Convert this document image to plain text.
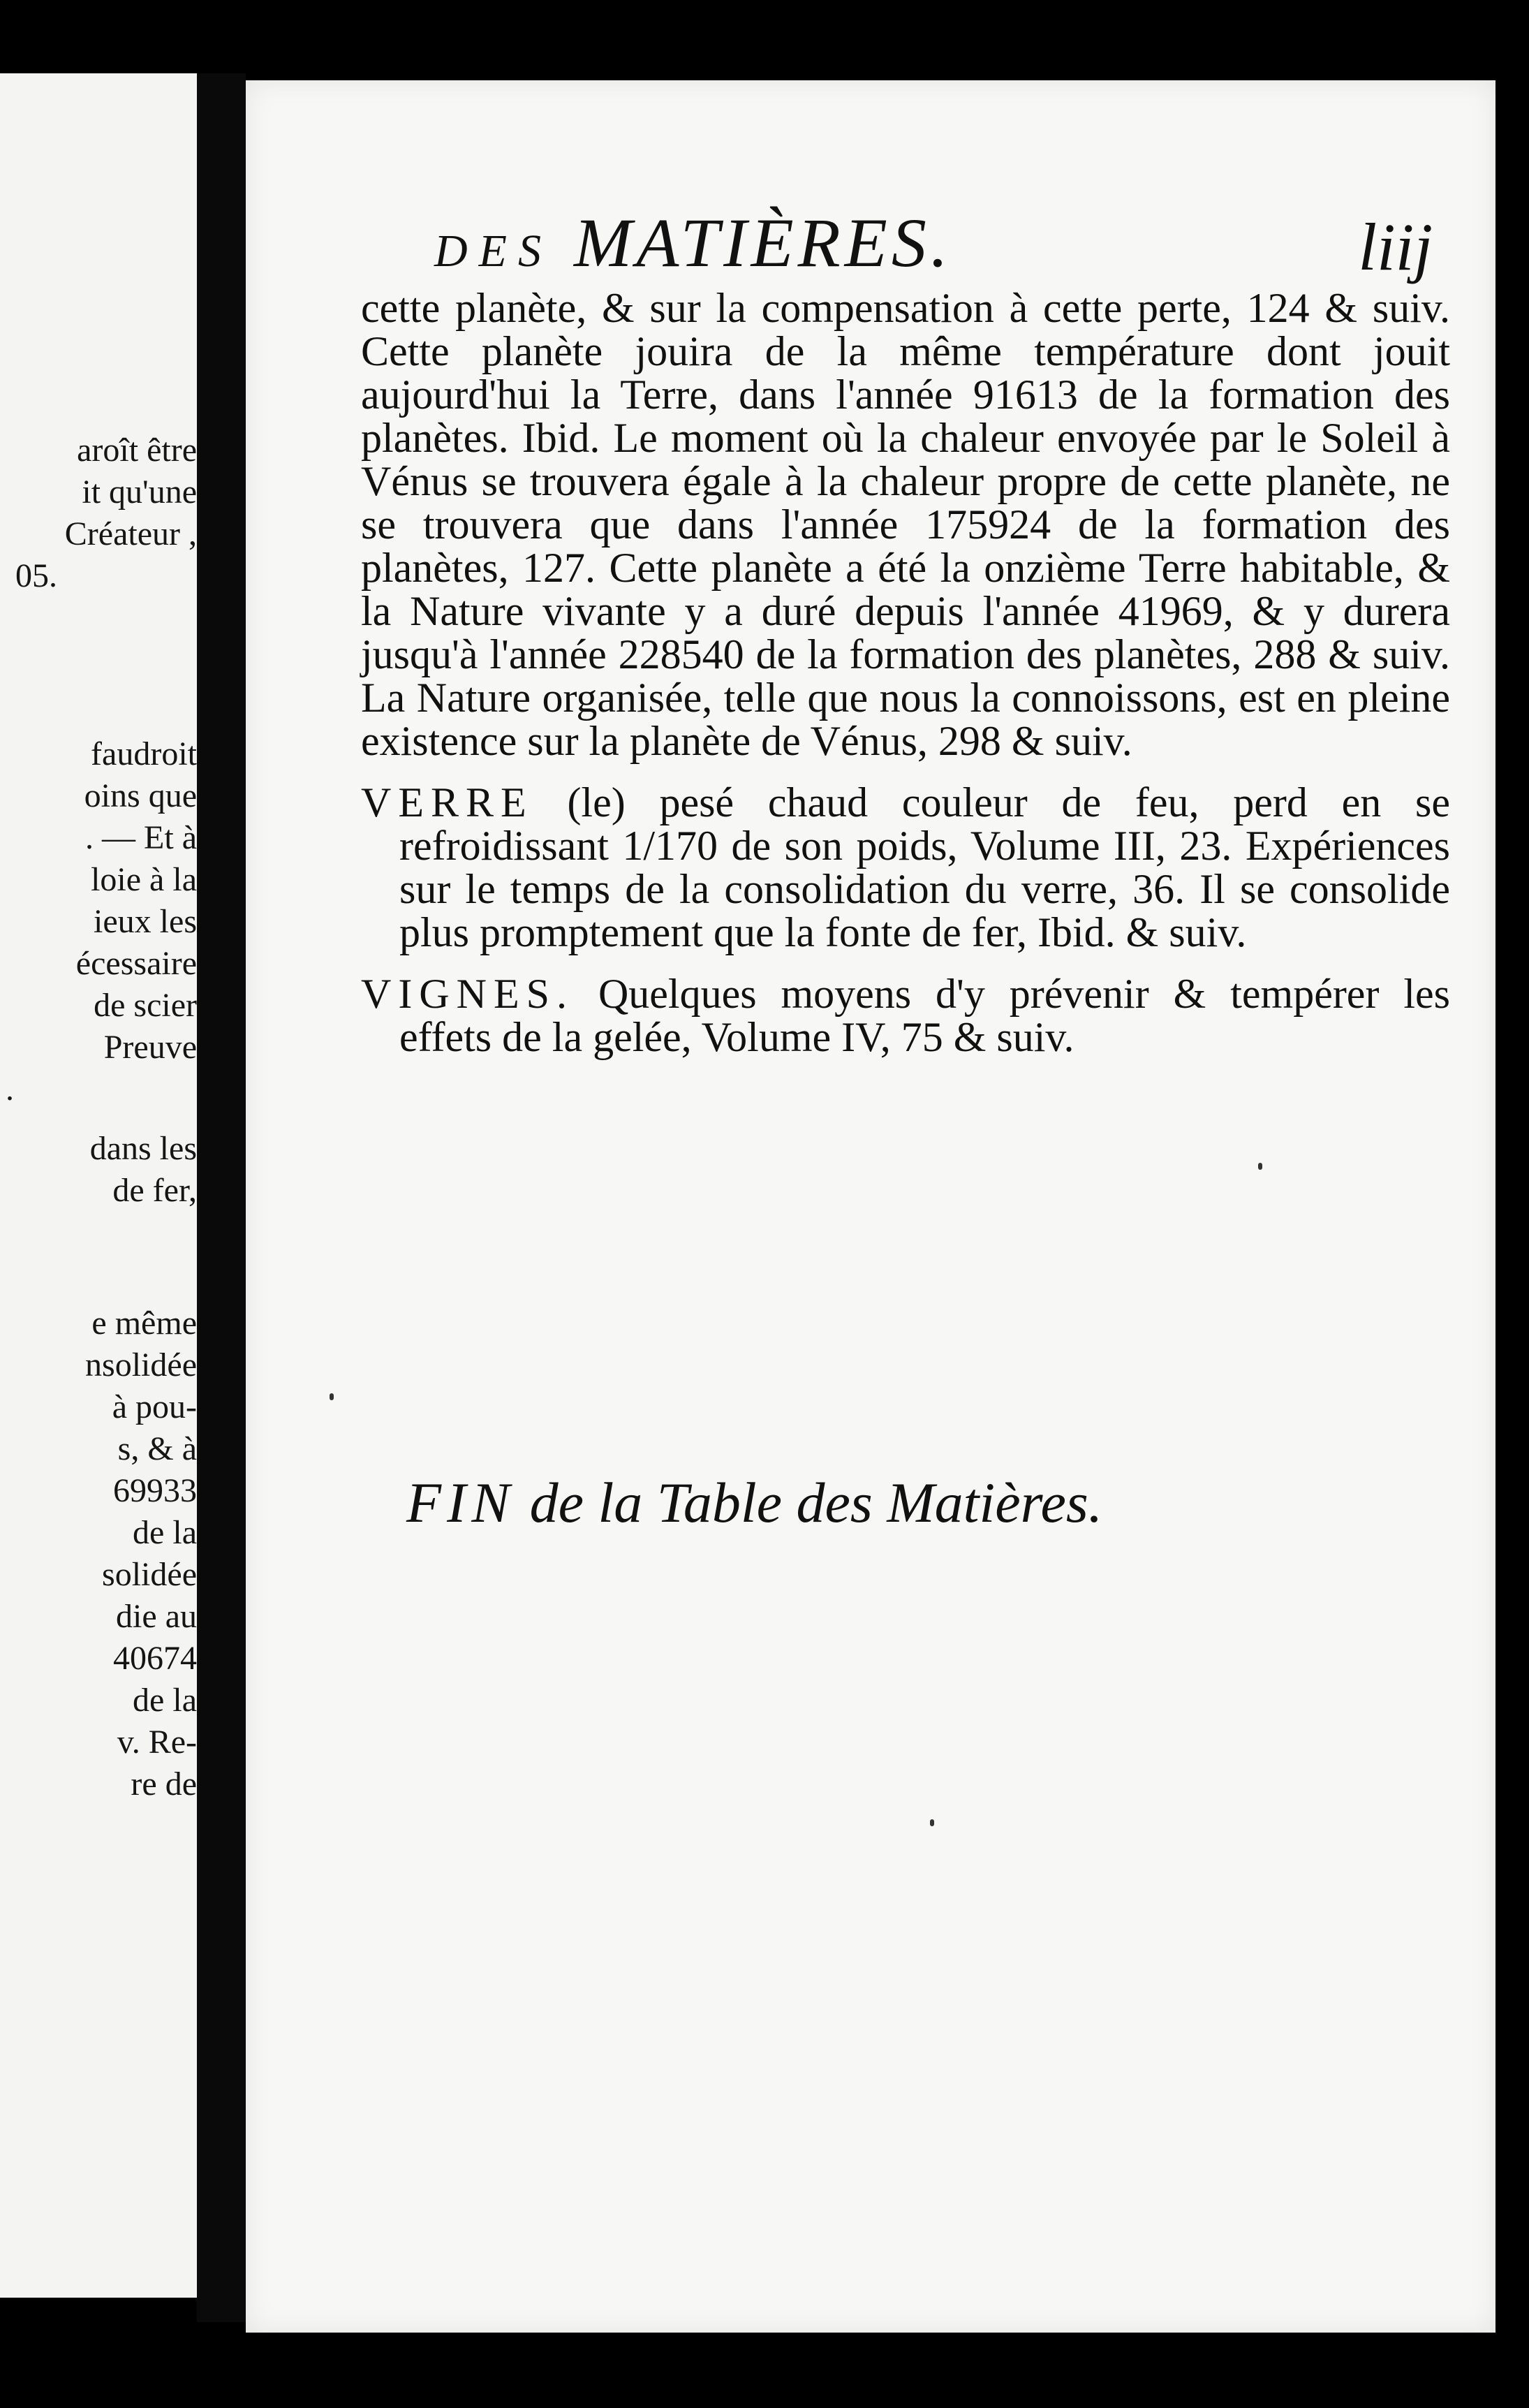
aroît être
it qu'une
Créateur ,
05.
faudroit
oins que
. — Et à
loie à la
ieux les
écessaire
de scier
Preuve
.
dans les
de fer,
e même
nsolidée
à pou-
s, & à
69933
de la
solidée
die au
40674
de la
v. Re-
re de
DES MATIÈRES.	liij

cette planète, & sur la compensation à cette perte, 124 & suiv. Cette planète jouira de la même température dont jouit aujourd'hui la Terre, dans l'année 91613 de la formation des planètes. Ibid. Le moment où la chaleur envoyée par le Soleil à Vénus se trouvera égale à la chaleur propre de cette planète, ne se trouvera que dans l'année 175924 de la formation des planètes, 127. Cette planète a été la onzième Terre habitable, & la Nature vivante y a duré depuis l'année 41969, & y durera jusqu'à l'année 228540 de la formation des planètes, 288 & suiv. La Nature organisée, telle que nous la connoissons, est en pleine existence sur la planète de Vénus, 298 & suiv.

VERRE (le) pesé chaud couleur de feu, perd en se refroidissant 1/170 de son poids, Volume III, 23. Expériences sur le temps de la consolidation du verre, 36. Il se consolide plus promptement que la fonte de fer, Ibid. & suiv.

VIGNES. Quelques moyens d'y prévenir & tempérer les effets de la gelée, Volume IV, 75 & suiv.

FIN de la Table des Matières.
